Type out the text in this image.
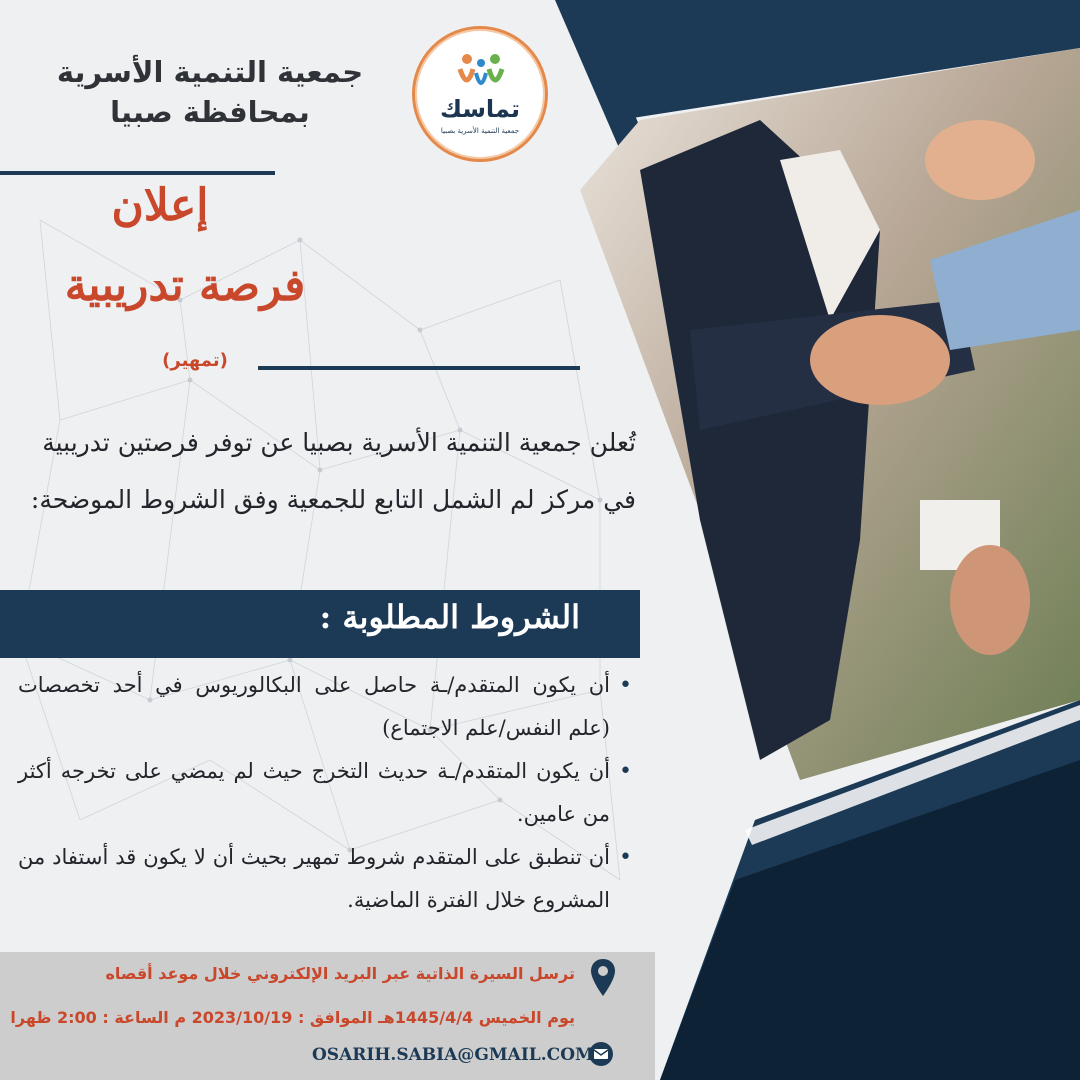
جمعية التنمية الأسرية
بمحافظة صبيا	تماسك
جمعية التنمية الأسرية بصبيا
إعلان
فرصة تدريبية
(تمهير)
تُعلن جمعية التنمية الأسرية بصبيا عن توفر فرصتين تدريبية في مركز لم الشمل التابع للجمعية وفق الشروط الموضحة:
الشروط المطلوبة :
•
أن يكون المتقدم/ـة حاصل على البكالوريوس في أحد تخصصات (علم النفس/علم الاجتماع)
•
أن يكون المتقدم/ـة حديث التخرج حيث لم يمضي على تخرجه أكثر من عامين.
•
أن تنطبق على المتقدم شروط تمهير بحيث أن لا يكون قد أستفاد من المشروع خلال الفترة الماضية.
ترسل السيرة الذاتية عبر البريد الإلكتروني خلال موعد أقصاه
يوم الخميس 1445/4/4هـ الموافق : 2023/10/19 م الساعة : 2:00 ظهرا
OSARIH.SABIA@GMAIL.COM
